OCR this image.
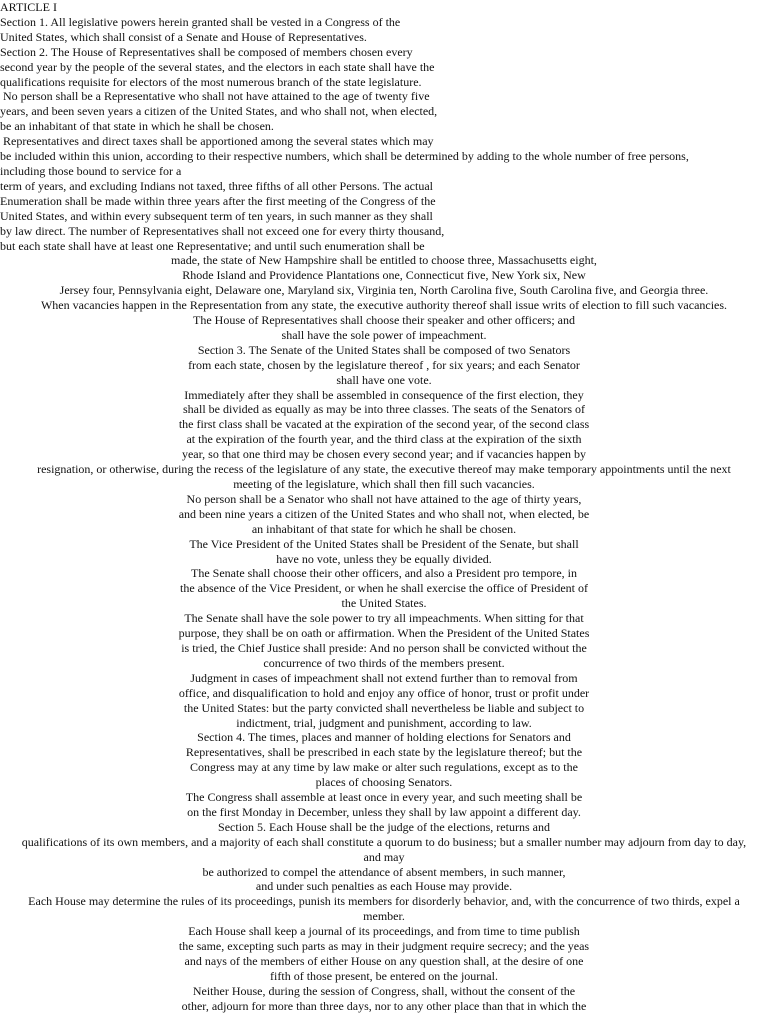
ARTICLE I
Section 1. All legislative powers herein granted shall be vested in a Congress of the
United States, which shall consist of a Senate and House of Representatives.
Section 2. The House of Representatives shall be composed of members chosen every
second year by the people of the several states, and the electors in each state shall have the
qualifications requisite for electors of the most numerous branch of the state legislature.
No person shall be a Representative who shall not have attained to the age of twenty five
years, and been seven years a citizen of the United States, and who shall not, when elected,
be an inhabitant of that state in which he shall be chosen.
Representatives and direct taxes shall be apportioned among the several states which may
be included within this union, according to their respective numbers, which shall be determined by adding to the whole number of free persons,
including those bound to service for a
term of years, and excluding Indians not taxed, three fifths of all other Persons. The actual
Enumeration shall be made within three years after the first meeting of the Congress of the
United States, and within every subsequent term of ten years, in such manner as they shall
by law direct. The number of Representatives shall not exceed one for every thirty thousand,
but each state shall have at least one Representative; and until such enumeration shall be
made, the state of New Hampshire shall be entitled to choose three, Massachusetts eight,
Rhode Island and Providence Plantations one, Connecticut five, New York six, New
Jersey four, Pennsylvania eight, Delaware one, Maryland six, Virginia ten, North Carolina five, South Carolina five, and Georgia three.
When vacancies happen in the Representation from any state, the executive authority thereof shall issue writs of election to fill such vacancies.
The House of Representatives shall choose their speaker and other officers; and
shall have the sole power of impeachment.
Section 3. The Senate of the United States shall be composed of two Senators
from each state, chosen by the legislature thereof , for six years; and each Senator
shall have one vote.
Immediately after they shall be assembled in consequence of the first election, they
shall be divided as equally as may be into three classes. The seats of the Senators of
the first class shall be vacated at the expiration of the second year, of the second class
at the expiration of the fourth year, and the third class at the expiration of the sixth
year, so that one third may be chosen every second year; and if vacancies happen by
resignation, or otherwise, during the recess of the legislature of any state, the executive thereof may make temporary appointments until the next
meeting of the legislature, which shall then fill such vacancies.
No person shall be a Senator who shall not have attained to the age of thirty years,
and been nine years a citizen of the United States and who shall not, when elected, be
an inhabitant of that state for which he shall be chosen.
The Vice President of the United States shall be President of the Senate, but shall
have no vote, unless they be equally divided.
The Senate shall choose their other officers, and also a President pro tempore, in
the absence of the Vice President, or when he shall exercise the office of President of
the United States.
The Senate shall have the sole power to try all impeachments. When sitting for that
purpose, they shall be on oath or affirmation. When the President of the United States
is tried, the Chief Justice shall preside: And no person shall be convicted without the
concurrence of two thirds of the members present.
Judgment in cases of impeachment shall not extend further than to removal from
office, and disqualification to hold and enjoy any office of honor, trust or profit under
the United States: but the party convicted shall nevertheless be liable and subject to
indictment, trial, judgment and punishment, according to law.
Section 4. The times, places and manner of holding elections for Senators and
Representatives, shall be prescribed in each state by the legislature thereof; but the
Congress may at any time by law make or alter such regulations, except as to the
places of choosing Senators.
The Congress shall assemble at least once in every year, and such meeting shall be
on the first Monday in December, unless they shall by law appoint a different day.
Section 5. Each House shall be the judge of the elections, returns and
qualifications of its own members, and a majority of each shall constitute a quorum to do business; but a smaller number may adjourn from day to day,
and may
be authorized to compel the attendance of absent members, in such manner,
and under such penalties as each House may provide.
Each House may determine the rules of its proceedings, punish its members for disorderly behavior, and, with the concurrence of two thirds, expel a
member.
Each House shall keep a journal of its proceedings, and from time to time publish
the same, excepting such parts as may in their judgment require secrecy; and the yeas
and nays of the members of either House on any question shall, at the desire of one
fifth of those present, be entered on the journal.
Neither House, during the session of Congress, shall, without the consent of the
other, adjourn for more than three days, nor to any other place than that in which the
